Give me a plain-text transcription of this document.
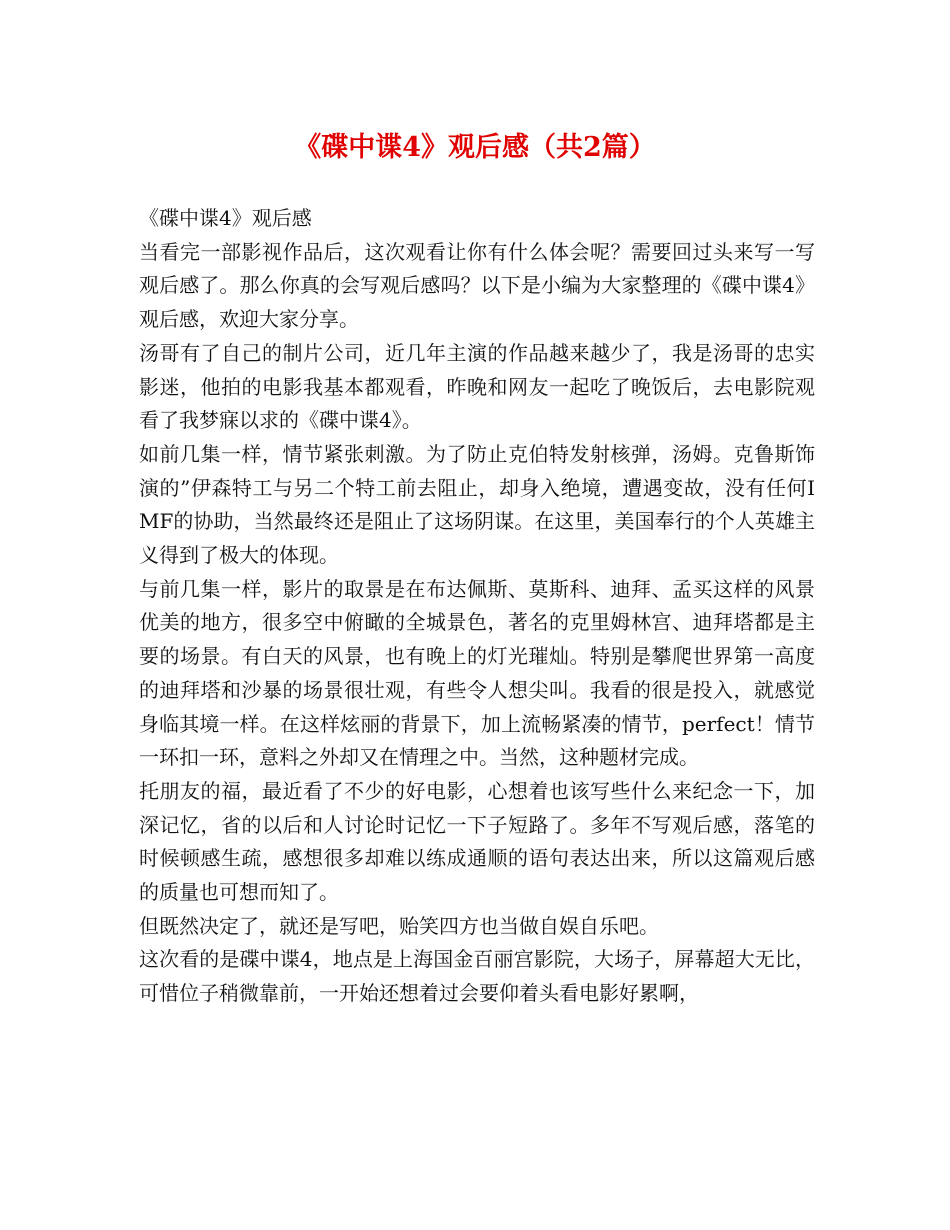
《碟中谍4》观后感（共2篇）

《碟中谍4》观后感

当看完一部影视作品后，这次观看让你有什么体会呢？需要回过头来写一写观后感了。那么你真的会写观后感吗？以下是小编为大家整理的《碟中谍4》观后感，欢迎大家分享。

汤哥有了自己的制片公司，近几年主演的作品越来越少了，我是汤哥的忠实影迷，他拍的电影我基本都观看，昨晚和网友一起吃了晚饭后，去电影院观看了我梦寐以求的《碟中谍4》。

如前几集一样，情节紧张刺激。为了防止克伯特发射核弹，汤姆。克鲁斯饰演的”伊森特工与另二个特工前去阻止，却身入绝境，遭遇变故，没有任何IMF的协助，当然最终还是阻止了这场阴谋。在这里，美国奉行的个人英雄主义得到了极大的体现。

与前几集一样，影片的取景是在布达佩斯、莫斯科、迪拜、孟买这样的风景优美的地方，很多空中俯瞰的全城景色，著名的克里姆林宫、迪拜塔都是主要的场景。有白天的风景，也有晚上的灯光璀灿。特别是攀爬世界第一高度的迪拜塔和沙暴的场景很壮观，有些令人想尖叫。我看的很是投入，就感觉身临其境一样。在这样炫丽的背景下，加上流畅紧凑的情节，perfect！情节一环扣一环，意料之外却又在情理之中。当然，这种题材完成。

托朋友的福，最近看了不少的好电影，心想着也该写些什么来纪念一下，加深记忆，省的以后和人讨论时记忆一下子短路了。多年不写观后感，落笔的时候顿感生疏，感想很多却难以练成通顺的语句表达出来，所以这篇观后感的质量也可想而知了。

但既然决定了，就还是写吧，贻笑四方也当做自娱自乐吧。

这次看的是碟中谍4，地点是上海国金百丽宫影院，大场子，屏幕超大无比，可惜位子稍微靠前，一开始还想着过会要仰着头看电影好累啊，
